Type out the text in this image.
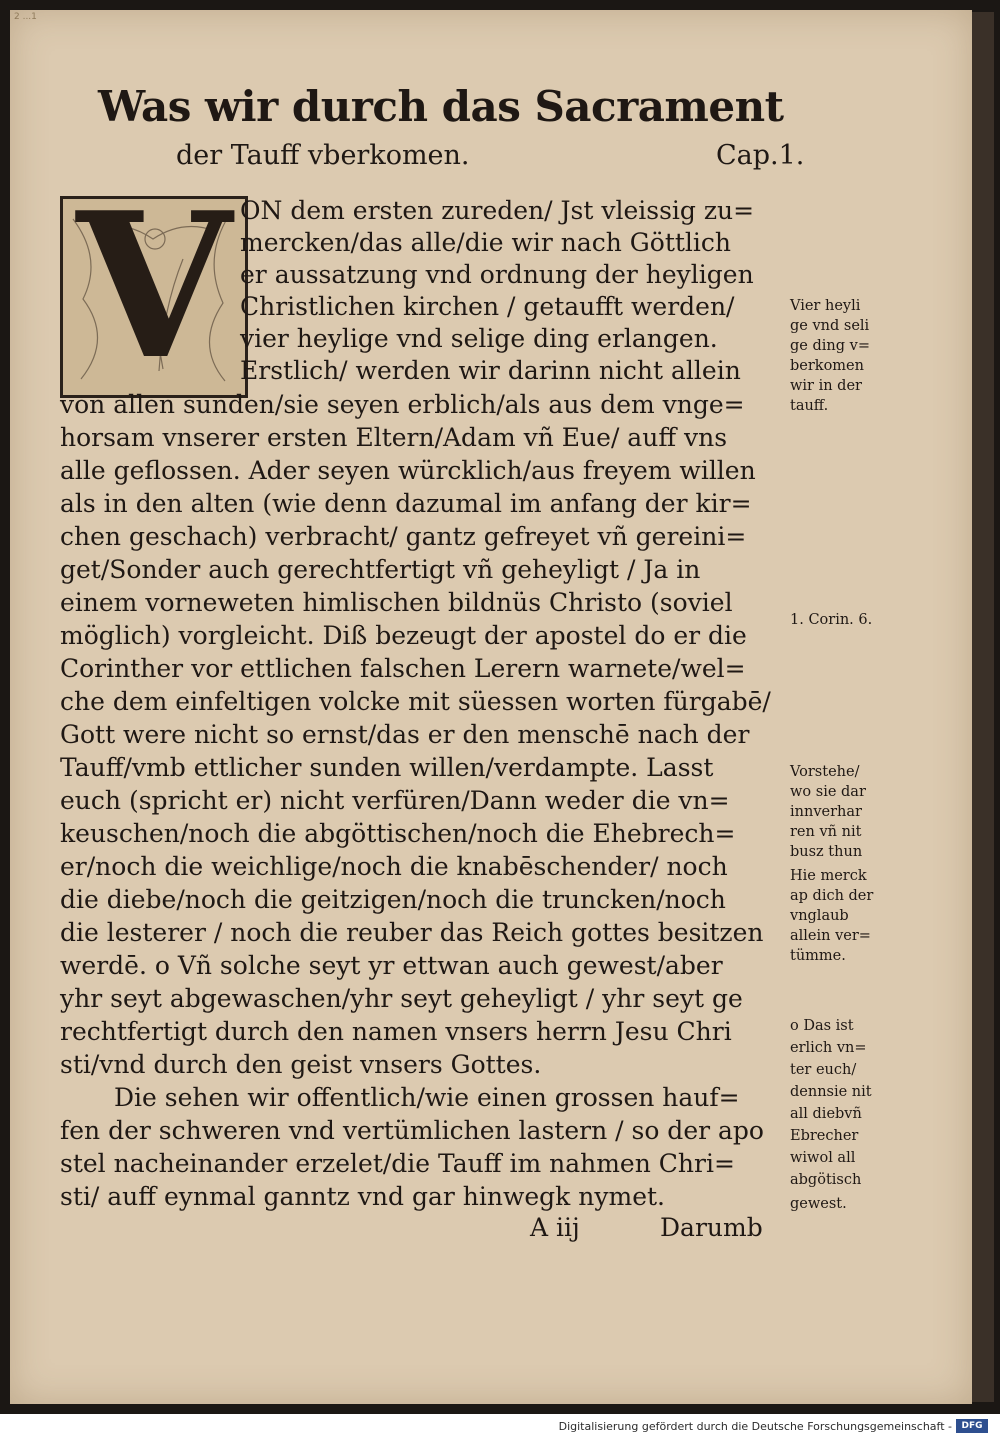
2 ...1
Was wir durch das Sacrament
der Tauff vberkomen.	Cap.1.
V ON dem ersten zureden/ Jst vleissig zu=
mercken/das alle/die wir nach Göttlich
er aussatzung vnd ordnung der heyligen
Christlichen kirchen / getaufft werden/
vier heylige vnd selige ding erlangen.
Erstlich/ werden wir darinn nicht allein
von allen sunden/sie seyen erblich/als aus dem vnge=
horsam vnserer ersten Eltern/Adam vñ Eue/ auff vns
alle geflossen. Ader seyen würcklich/aus freyem willen
als in den alten (wie denn dazumal im anfang der kir=
chen geschach) verbracht/ gantz gefreyet vñ gereini=
get/Sonder auch gerechtfertigt vñ geheyligt / Ja in
einem vorneweten himlischen bildnüs Christo (soviel
möglich) vorgleicht. Diß bezeugt der apostel do er die
Corinther vor ettlichen falschen Lerern warnete/wel=
che dem einfeltigen volcke mit süessen worten fürgabē/
Gott were nicht so ernst/das er den menschē nach der
Tauff/vmb ettlicher sunden willen/verdampte. Lasst
euch (spricht er) nicht verfüren/Dann weder die vn=
keuschen/noch die abgöttischen/noch die Ehebrech=
er/noch die weichlige/noch die knabēschender/ noch
die diebe/noch die geitzigen/noch die truncken/noch
die lesterer / noch die reuber das Reich gottes besitzen
werdē. o Vñ solche seyt yr ettwan auch gewest/aber
yhr seyt abgewaschen/yhr seyt geheyligt / yhr seyt ge
rechtfertigt durch den namen vnsers herrn Jesu Chri
sti/vnd durch den geist vnsers Gottes.
Die sehen wir offentlich/wie einen grossen hauf=
fen der schweren vnd vertümlichen lastern / so der apo
stel nacheinander erzelet/die Tauff im nahmen Chri=
sti/ auff eynmal ganntz vnd gar hinwegk nymet.
A iij	Darumb
Vier heyli
ge vnd seli
ge ding v=
berkomen
wir in der
tauff.
1. Corin. 6.
Vorstehe/
wo sie dar
innverhar
ren vñ nit
busz thun
Hie merck
ap dich der
vnglaub
allein ver=
tümme.
o Das ist
erlich vn=
ter euch/
dennsie nit
all diebvñ
Ebrecher
wiwol all
abgötisch
gewest.
Digitalisierung gefördert durch die Deutsche Forschungsgemeinschaft -	DFG
